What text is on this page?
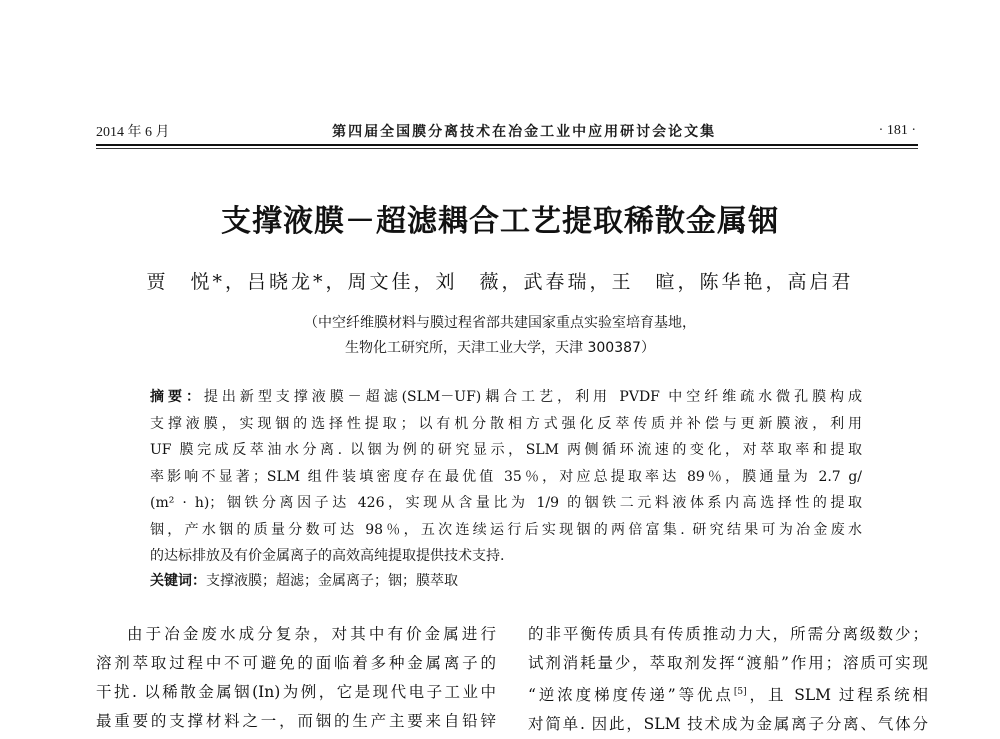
2014 年 6 月	第四届全国膜分离技术在冶金工业中应用研讨会论文集	· 181 ·
支撑液膜－超滤耦合工艺提取稀散金属铟
贾　悦*，吕晓龙*，周文佳，刘　薇，武春瑞，王　暄，陈华艳，高启君
（中空纤维膜材料与膜过程省部共建国家重点实验室培育基地，
生物化工研究所，天津工业大学，天津 300387）
摘要：提出新型支撑液膜－超滤(SLM－UF)耦合工艺，利用 PVDF 中空纤维疏水微孔膜构成
支撑液膜，实现铟的选择性提取；以有机分散相方式强化反萃传质并补偿与更新膜液，利用
UF 膜完成反萃油水分离. 以铟为例的研究显示，SLM 两侧循环流速的变化，对萃取率和提取
率影响不显著；SLM 组件装填密度存在最优值 35％，对应总提取率达 89％，膜通量为 2.7 g/
(m² · h)；铟铁分离因子达 426，实现从含量比为 1/9 的铟铁二元料液体系内高选择性的提取
铟，产水铟的质量分数可达 98％，五次连续运行后实现铟的两倍富集. 研究结果可为冶金废水
的达标排放及有价金属离子的高效高纯提取提供技术支持.
关键词：支撑液膜；超滤；金属离子；铟；膜萃取
由于冶金废水成分复杂，对其中有价金属进行
溶剂萃取过程中不可避免的面临着多种金属离子的
干扰. 以稀散金属铟(In)为例，它是现代电子工业中
最重要的支撑材料之一，而铟的生产主要来自铅锌
的非平衡传质具有传质推动力大，所需分离级数少；
试剂消耗量少，萃取剂发挥“渡船”作用；溶质可实现
“逆浓度梯度传递”等优点[5]，且 SLM 过程系统相
对简单. 因此，SLM 技术成为金属离子分离、气体分
